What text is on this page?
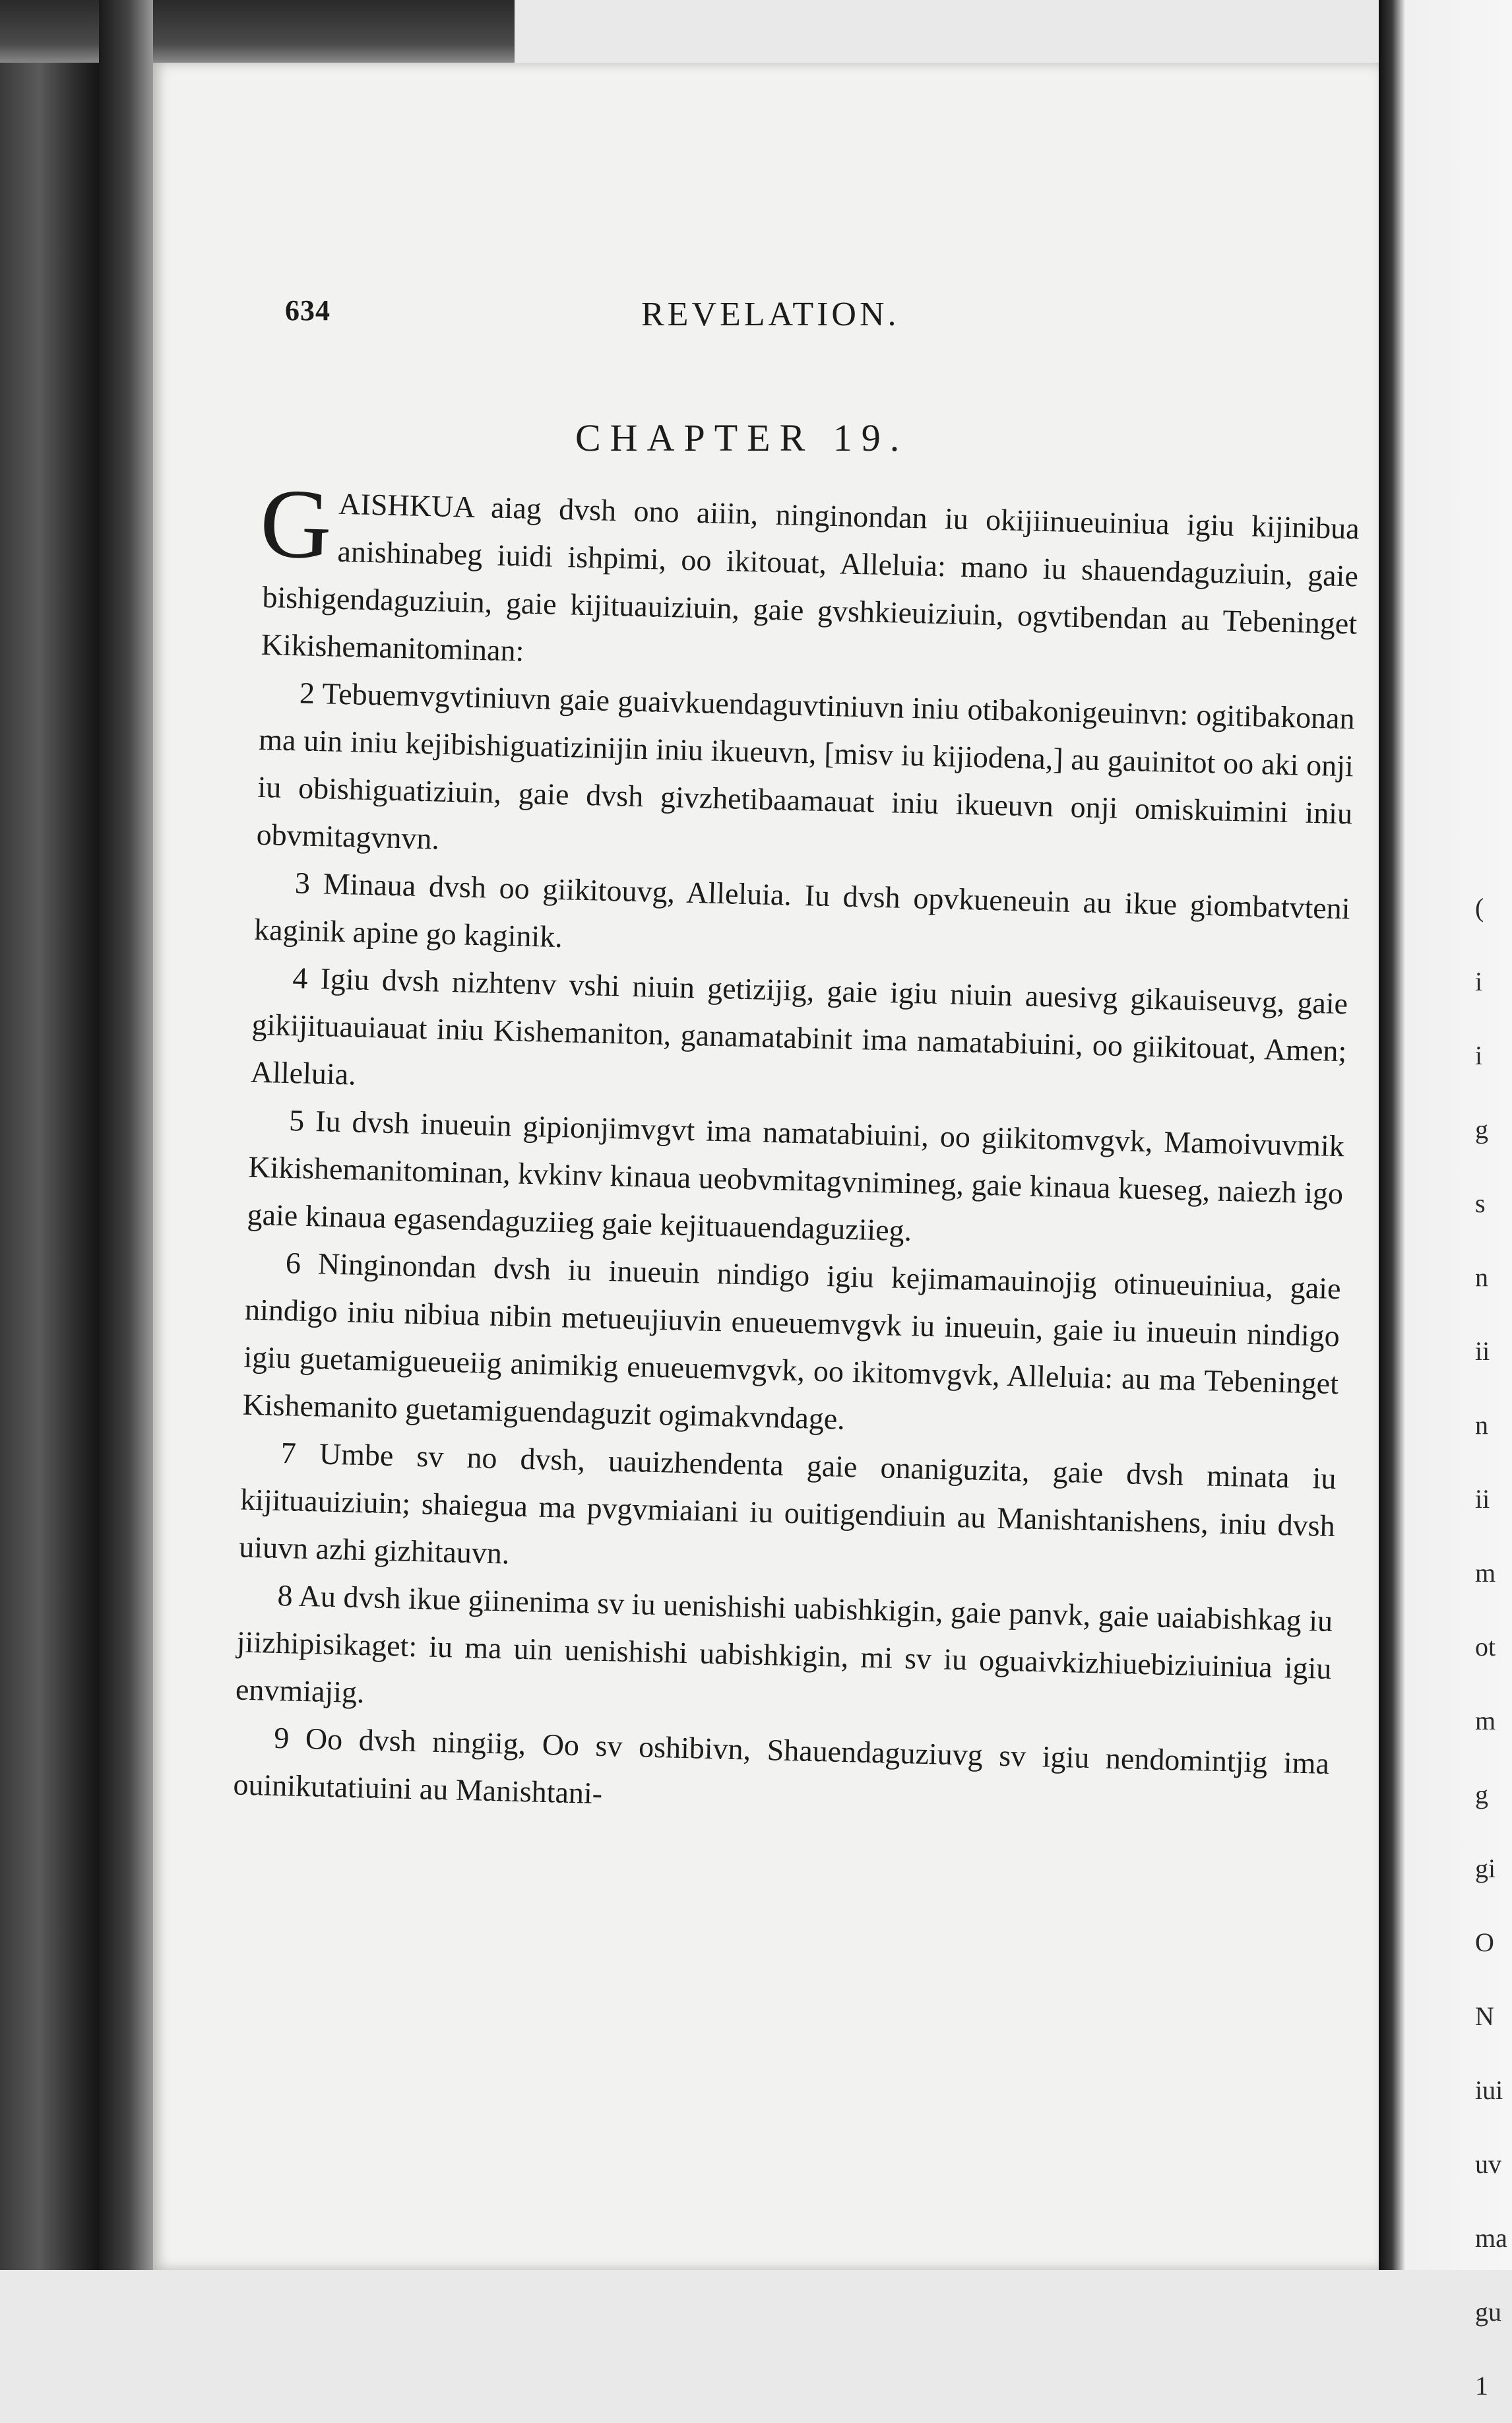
(
i
i
g
s
n
ii
n
ii
m
ot
m
g
gi
O
N
iui
uv
ma
gu
1
634	REVELATION.
CHAPTER 19.

G AISHKUA aiag dvsh ono aiiin, ninginondan iu okijiinueuiniua igiu kijinibua anishinabeg iuidi ishpimi, oo ikitouat, Alleluia: mano iu shauendaguziuin, gaie bishigendaguziuin, gaie kijituauiziuin, gaie gvshkieuiziuin, ogvtibendan au Tebeninget Kikishemanitominan:

2 Tebuemvgvtiniuvn gaie guaivkuendaguvtiniuvn iniu otibakonigeuinvn: ogitibakonan ma uin iniu kejibishiguatizinijin iniu ikueuvn, [misv iu kijiodena,] au gauinitot oo aki onji iu obishiguatiziuin, gaie dvsh givzhetibaamauat iniu ikueuvn onji omiskuimini iniu obvmitagvnvn.

3 Minaua dvsh oo giikitouvg, Alleluia. Iu dvsh opvkueneuin au ikue giombatvteni kaginik apine go kaginik.

4 Igiu dvsh nizhtenv vshi niuin getizijig, gaie igiu niuin auesivg gikauiseuvg, gaie gikijituauiauat iniu Kishemaniton, ganamatabinit ima namatabiuini, oo giikitouat, Amen; Alleluia.

5 Iu dvsh inueuin gipionjimvgvt ima namatabiuini, oo giikitomvgvk, Mamoivuvmik Kikishemanitominan, kvkinv kinaua ueobvmitagvnimineg, gaie kinaua kueseg, naiezh igo gaie kinaua egasendaguziieg gaie kejituauendaguziieg.

6 Ninginondan dvsh iu inueuin nindigo igiu kejimamauinojig otinueuiniua, gaie nindigo iniu nibiua nibin metueujiuvin enueuemvgvk iu inueuin, gaie iu inueuin nindigo igiu guetamigueueiig animikig enueuemvgvk, oo ikitomvgvk, Alleluia: au ma Tebeninget Kishemanito guetamiguendaguzit ogimakvndage.

7 Umbe sv no dvsh, uauizhendenta gaie onaniguzita, gaie dvsh minata iu kijituauiziuin; shaiegua ma pvgvmiaiani iu ouitigendiuin au Manishtanishens, iniu dvsh uiuvn azhi gizhitauvn.

8 Au dvsh ikue giinenima sv iu uenishishi uabishkigin, gaie panvk, gaie uaiabishkag iu jiizhipisikaget: iu ma uin uenishishi uabishkigin, mi sv iu oguaivkizhiuebiziuiniua igiu envmiajig.

9 Oo dvsh ningiig, Oo sv oshibivn, Shauendaguziuvg sv igiu nendomintjig ima ouinikutatiuini au Manishtani-
